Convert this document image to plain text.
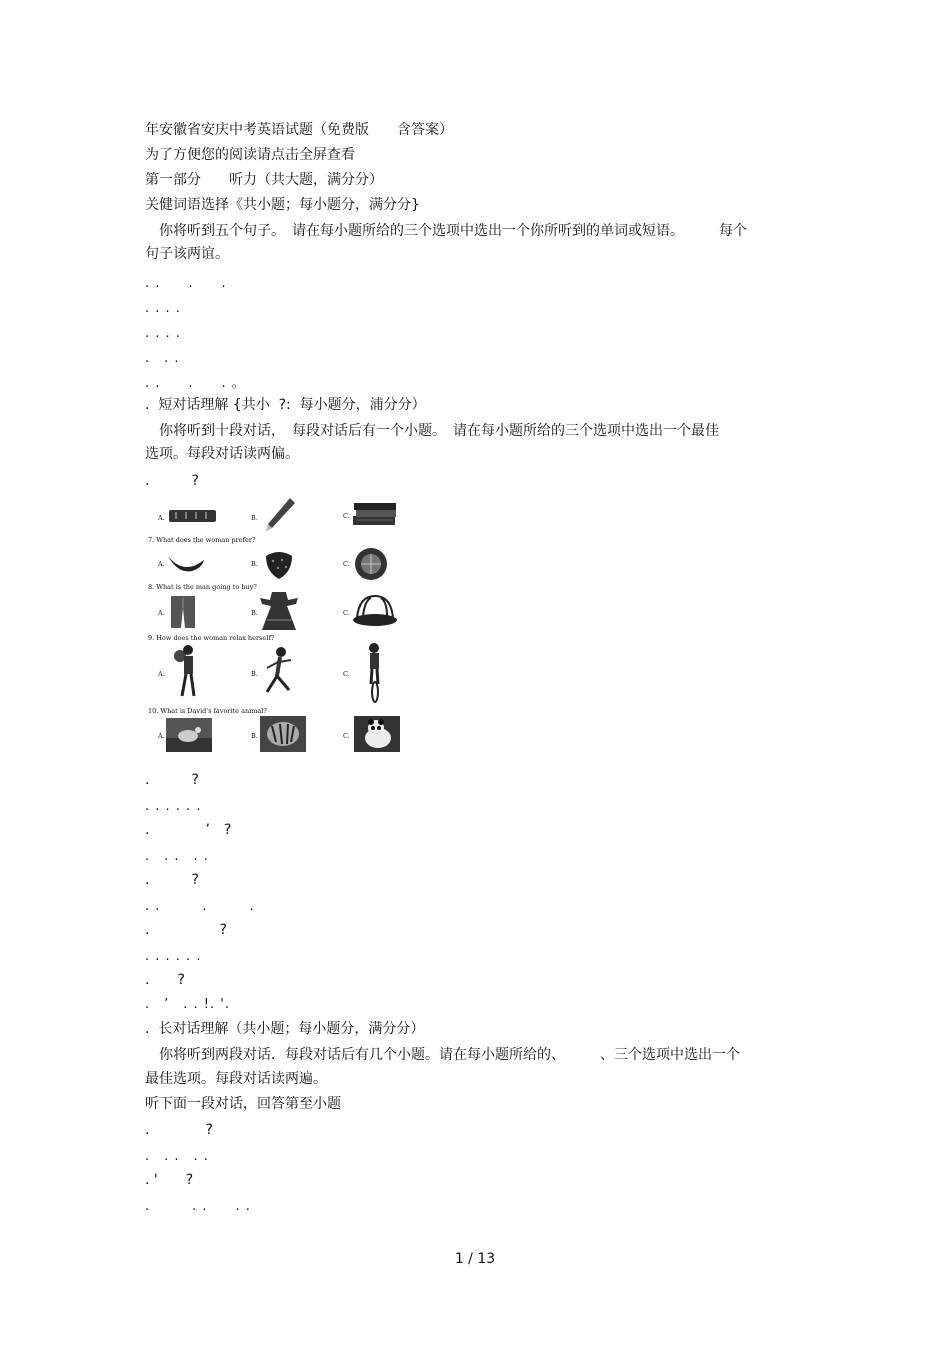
年安徽省安庆中考英语试题（免费版　　含答案）
为了方便您的阅读请点击全屏查看
第一部分　　听力（共大题，满分分）
关健词语选择《共小题；每小题分，满分分}
　你将听到五个句子。　请在每小题所给的三个选项中选出一个你所听到的单词或短语。　　　每个
句子该两谊。
. .　　.　　.
. . . .
. . . .
.　. .
. .　　.　　. 。
.  短对话理解 {共小  ?:  每小题分，浦分分）
　你将听到十段对话，　每段对话后有一个小题。　请在每小题所给的三个选项中选出一个最佳
选项。每段对话读两偏。
.　　　?
A.	B.	C.
7. What does the woman prefer?
A.	B.	C.
8. What is the man going to buy?
A.	B.	C.
9. How does the woman relax herself?
A.	B.	C.
10. What is David's favorite animal?
A.	B.	C.
.　　　?
. . . . . .
.　　　　’　?
.　. .　. .
.　　　?
. .　　　.　　　.
.　　　　　?
. . . . . .
.　　?
.　’　. . !. '.
.  长对话理解（共小题；每小题分，满分分）
　你将听到两段对话．每段对话后有几个小题。请在每小题所给的、　　　、三个选项中选出一个
最佳选项。每段对话读两遍。
听下面一段对话，回答第至小题
.　　　　?
.　. .　. .
. '　　?
.　　　. .　　. .
1 / 13
